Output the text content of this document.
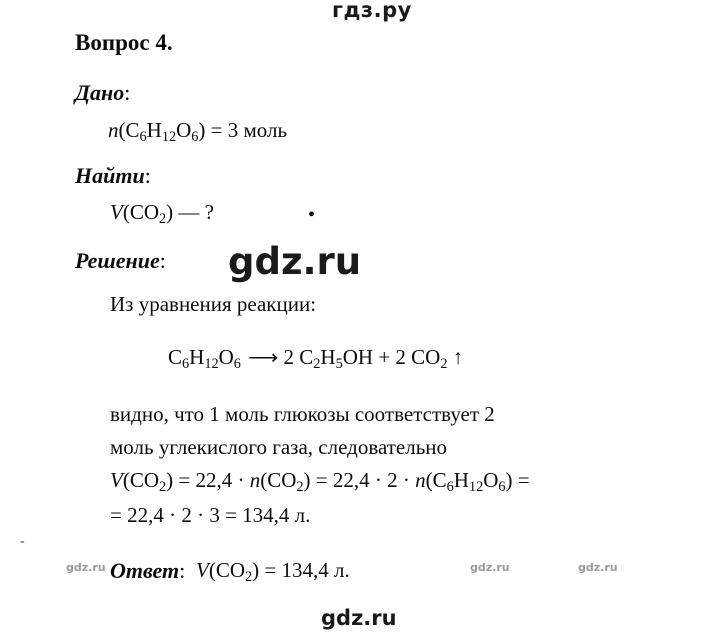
гдз.ру
Вопрос 4.
Дано:
$n(C_6H_{12}O_6) = 3$ моль
Найти:
$V(CO_2)$ — ?	•
Решение:
Из уравнения реакции:
$C_6H_{12}O_6$ ⟶ 2 $C_2H_5OH + 2$ $CO_2$ ↑
видно, что 1 моль глюкозы соответствует 2
моль углекислого газа, следовательно
$V(CO_2) = 22,4 \cdot n(CO_2) = 22,4 \cdot 2 \cdot n(C_6H_{12}O_6)$ =
= 22,4 · 2 · 3 = 134,4 л.
Ответ: $V(CO_2) = 134,4$ л.
-
gdz.ru
gdz.ru
gdz.ru	gdz.ru	gdz.ru
